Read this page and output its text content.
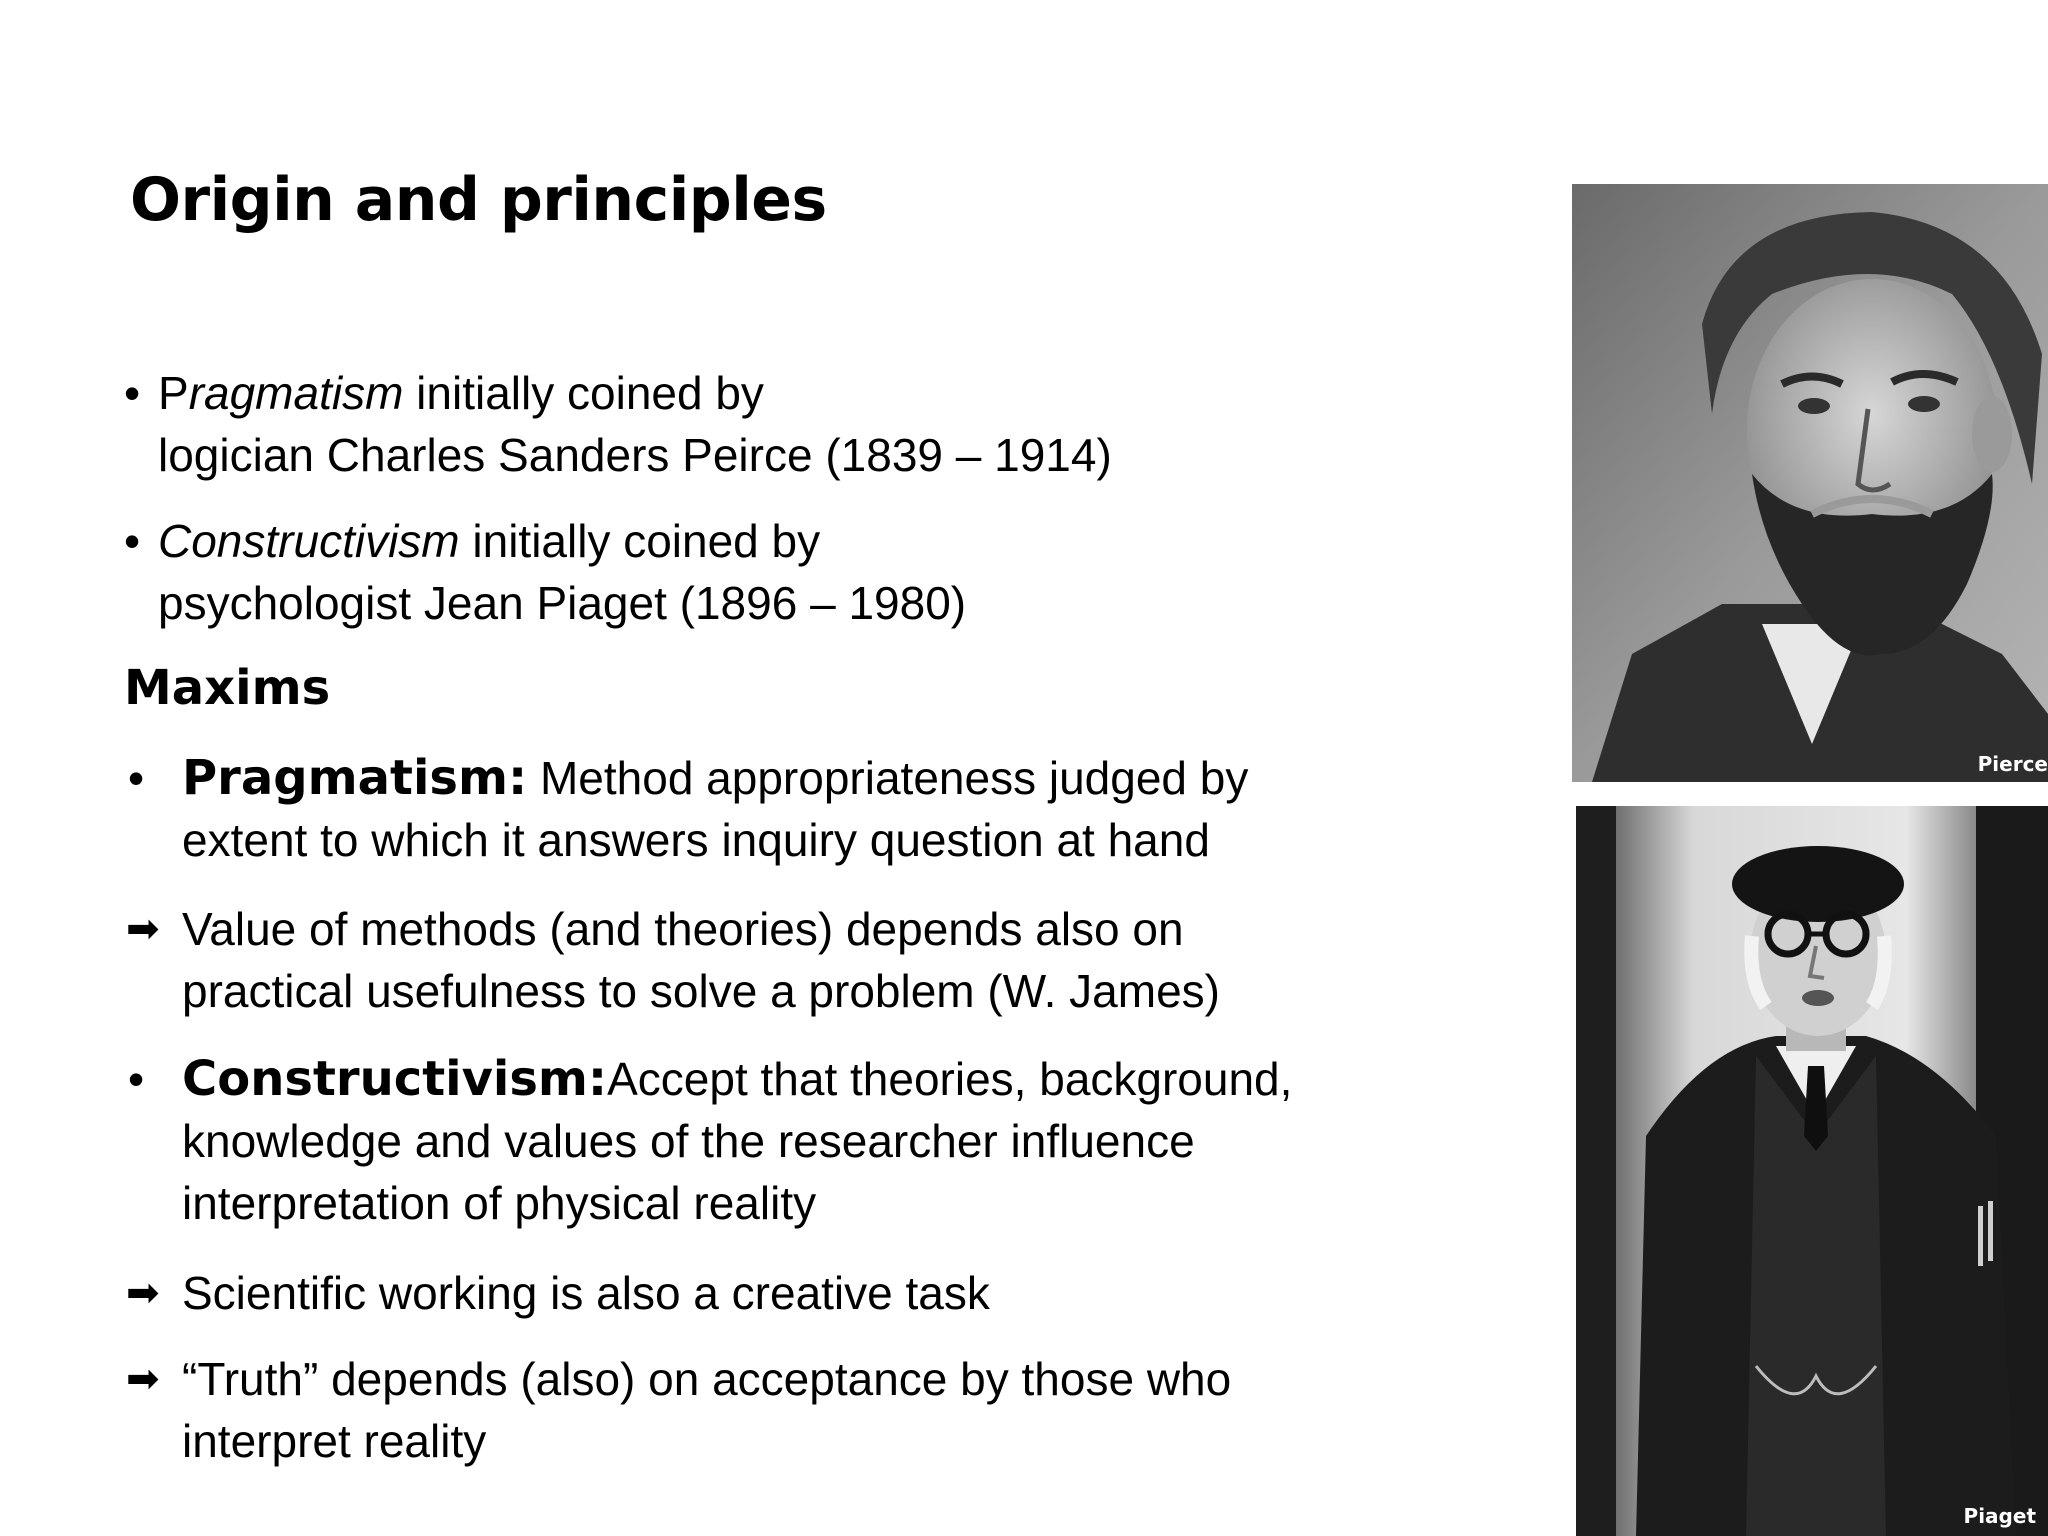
Origin and principles
• Pragmatism initially coined by
logician Charles Sanders Peirce (1839 – 1914)
• Constructivism initially coined by
psychologist Jean Piaget (1896 – 1980)
Maxims
• Pragmatism: Method appropriateness judged by
extent to which it answers inquiry question at hand
➡ Value of methods (and theories) depends also on
practical usefulness to solve a problem (W. James)
• Constructivism:Accept that theories, background,
knowledge and values of the researcher influence
interpretation of physical reality
➡ Scientific working is also a creative task
➡ “Truth” depends (also) on acceptance by those who
interpret reality
Pierce
Piaget
